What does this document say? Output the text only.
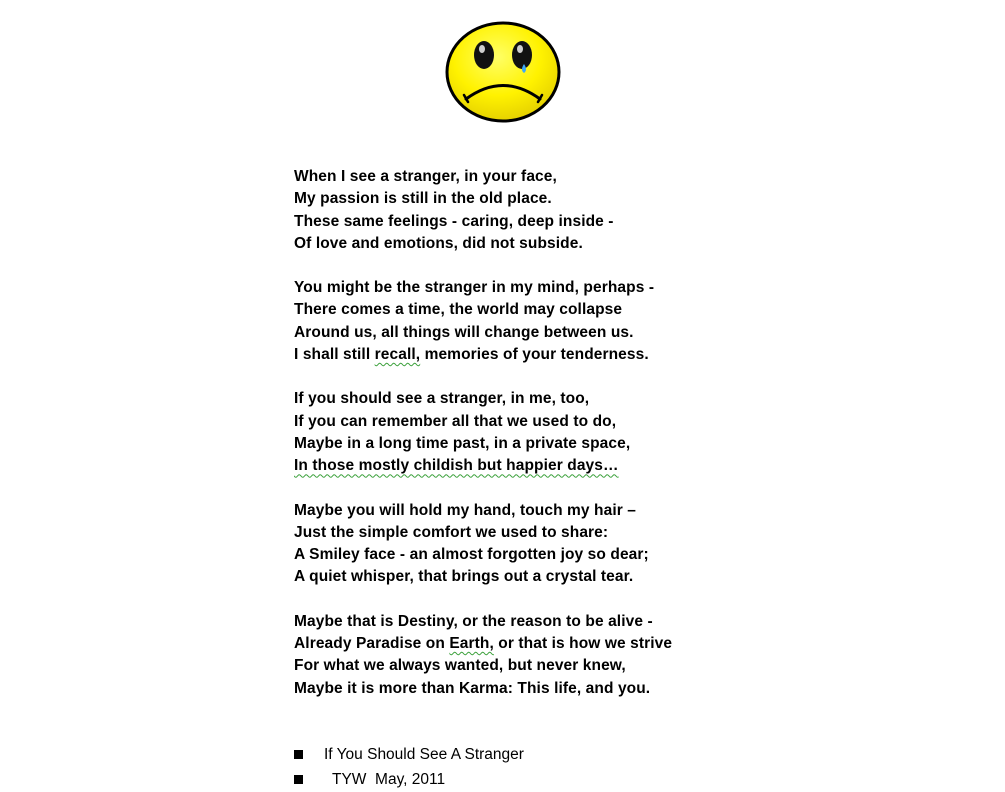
When I see a stranger, in your face,
My passion is still in the old place.
These same feelings - caring, deep inside -
Of love and emotions, did not subside.
You might be the stranger in my mind, perhaps -
There comes a time, the world may collapse
Around us, all things will change between us.
I shall still recall, memories of your tenderness.
If you should see a stranger, in me, too,
If you can remember all that we used to do,
Maybe in a long time past, in a private space,
In those mostly childish but happier days…
Maybe you will hold my hand, touch my hair –
Just the simple comfort we used to share:
A Smiley face - an almost forgotten joy so dear;
A quiet whisper, that brings out a crystal tear.
Maybe that is Destiny, or the reason to be alive -
Already Paradise on Earth, or that is how we strive
For what we always wanted, but never knew,
Maybe it is more than Karma: This life, and you.
If You Should See A Stranger
TYW  May, 2011
